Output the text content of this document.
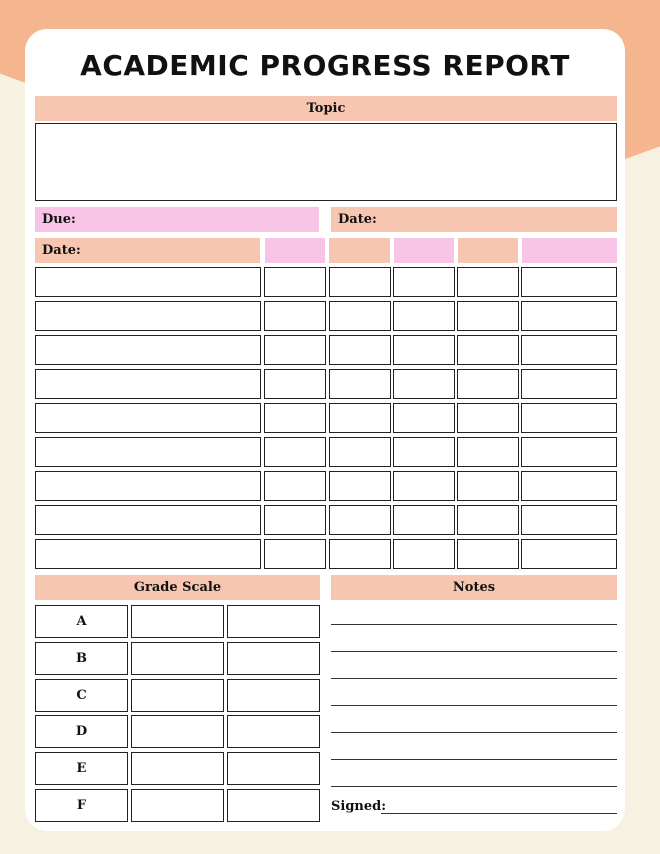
ACADEMIC PROGRESS REPORT
Topic
Due:	Date:
Date:
Grade Scale
A
B
C
D
E
F
Notes
Signed:
